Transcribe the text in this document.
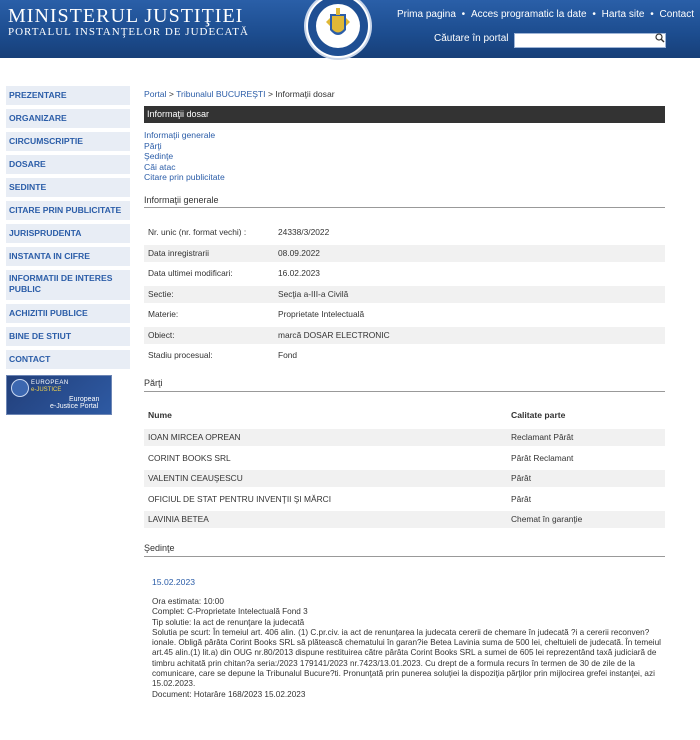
MINISTERUL JUSTIŢIEI
PORTALUL INSTANŢELOR DE JUDECATĂ
Prima pagina • Acces programatic la date • Harta site • Contact
Căutare în portal
PREZENTARE
ORGANIZARE
CIRCUMSCRIPTIE
DOSARE
SEDINTE
CITARE PRIN PUBLICITATE
JURISPRUDENTA
INSTANTA IN CIFRE
INFORMATII DE INTERES PUBLIC
ACHIZITII PUBLICE
BINE DE STIUT
CONTACT
EUROPEAN
e-JUSTICE
European
e-Justice Portal
Portal > Tribunalul BUCUREŞTI > Informaţii dosar
Informaţii dosar
Informaţii generale
Părţi
Şedinţe
Căi atac
Citare prin publicitate
Informaţii generale
Nr. unic (nr. format vechi) :	24338/3/2022
Data inregistrarii	08.09.2022
Data ultimei modificari:	16.02.2023
Sectie:	Secţia a-III-a Civilă
Materie:	Proprietate Intelectuală
Obiect:	marcă DOSAR ELECTRONIC
Stadiu procesual:	Fond
Părţi
Nume	Calitate parte
IOAN MIRCEA OPREAN	Reclamant Pârât
CORINT BOOKS SRL	Pârât Reclamant
VALENTIN CEAUŞESCU	Pârât
OFICIUL DE STAT PENTRU INVENŢII ŞI MĂRCI	Pârât
LAVINIA BETEA	Chemat în garanţie
Şedinţe
15.02.2023
Ora estimata: 10:00
Complet: C-Proprietate Intelectuală Fond 3
Tip solutie: Ia act de renunţare la judecată
Solutia pe scurt: În temeiul art. 406 alin. (1) C.pr.civ. ia act de renunţarea la judecata cererii de chemare în judecată ?i a cererii reconven?ionale. Obligă pârâta Corint Books SRL să plătească chematului în garan?ie Betea Lavinia suma de 500 lei, cheltuieli de judecată. În temeiul art.45 alin.(1) lit.a) din OUG nr.80/2013 dispune restituirea către pârâta Corint Books SRL a sumei de 605 lei reprezentând taxă judiciară de timbru achitată prin chitan?a seria:/2023 179141/2023 nr.7423/13.01.2023. Cu drept de a formula recurs în termen de 30 de zile de la comunicare, care se depune la Tribunalul Bucure?ti. Pronunţată prin punerea soluţiei la dispoziţia părţilor prin mijlocirea grefei instanţei, azi 15.02.2023.
Document: Hotarâre 168/2023 15.02.2023
